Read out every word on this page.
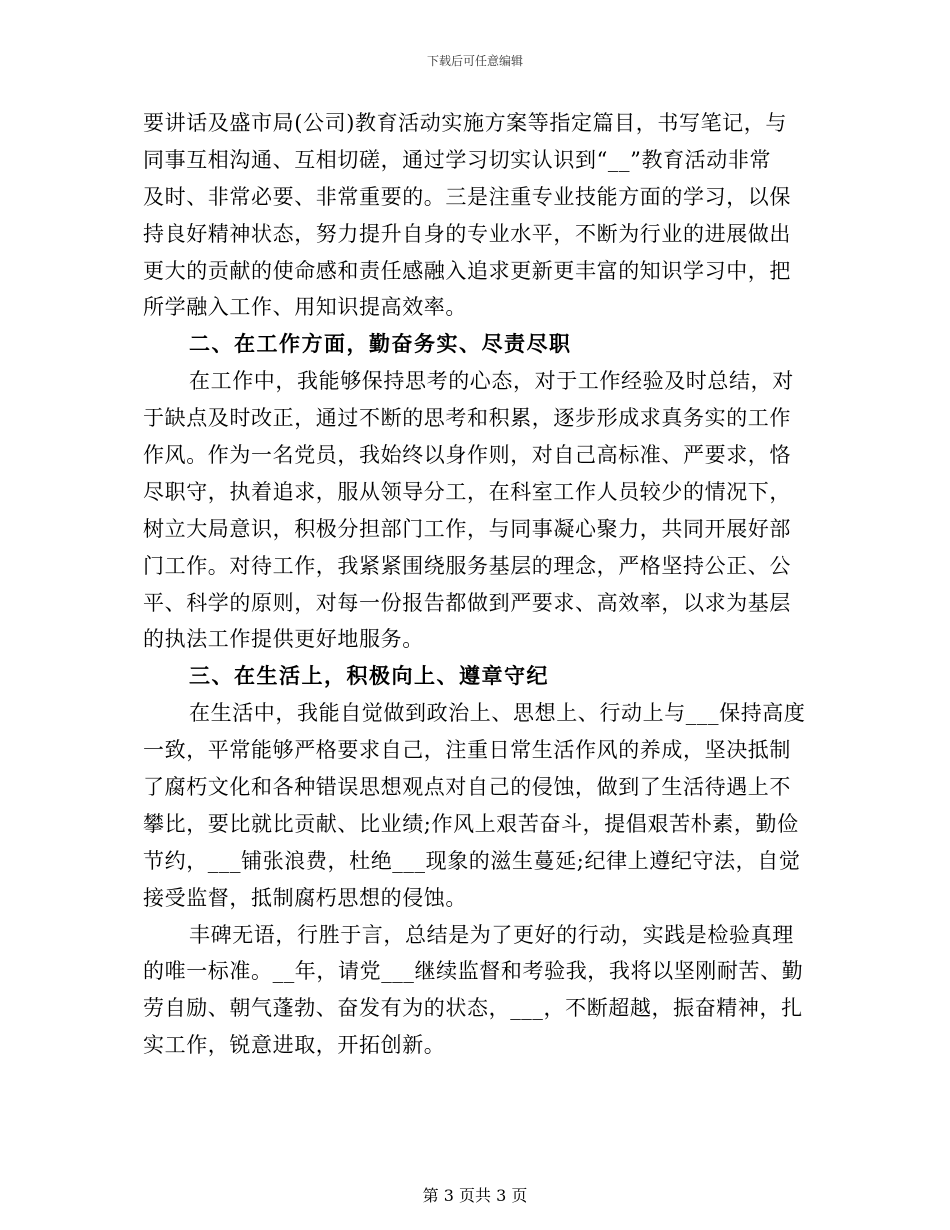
下载后可任意编辑
要讲话及盛市局(公司)教育活动实施方案等指定篇目，书写笔记，与
同事互相沟通、互相切磋，通过学习切实认识到“__”教育活动非常
及时、非常必要、非常重要的。三是注重专业技能方面的学习，以保
持良好精神状态，努力提升自身的专业水平，不断为行业的进展做出
更大的贡献的使命感和责任感融入追求更新更丰富的知识学习中，把
所学融入工作、用知识提高效率。
二、在工作方面，勤奋务实、尽责尽职
在工作中，我能够保持思考的心态，对于工作经验及时总结，对
于缺点及时改正，通过不断的思考和积累，逐步形成求真务实的工作
作风。作为一名党员，我始终以身作则，对自己高标准、严要求，恪
尽职守，执着追求，服从领导分工，在科室工作人员较少的情况下，
树立大局意识，积极分担部门工作，与同事凝心聚力，共同开展好部
门工作。对待工作，我紧紧围绕服务基层的理念，严格坚持公正、公
平、科学的原则，对每一份报告都做到严要求、高效率，以求为基层
的执法工作提供更好地服务。
三、在生活上，积极向上、遵章守纪
在生活中，我能自觉做到政治上、思想上、行动上与___保持高度
一致，平常能够严格要求自己，注重日常生活作风的养成，坚决抵制
了腐朽文化和各种错误思想观点对自己的侵蚀，做到了生活待遇上不
攀比，要比就比贡献、比业绩;作风上艰苦奋斗，提倡艰苦朴素，勤俭
节约，___铺张浪费，杜绝___现象的滋生蔓延;纪律上遵纪守法，自觉
接受监督，抵制腐朽思想的侵蚀。
丰碑无语，行胜于言，总结是为了更好的行动，实践是检验真理
的唯一标准。__年，请党___继续监督和考验我，我将以坚刚耐苦、勤
劳自励、朝气蓬勃、奋发有为的状态，___，不断超越，振奋精神，扎
实工作，锐意进取，开拓创新。
第 3 页共 3 页
